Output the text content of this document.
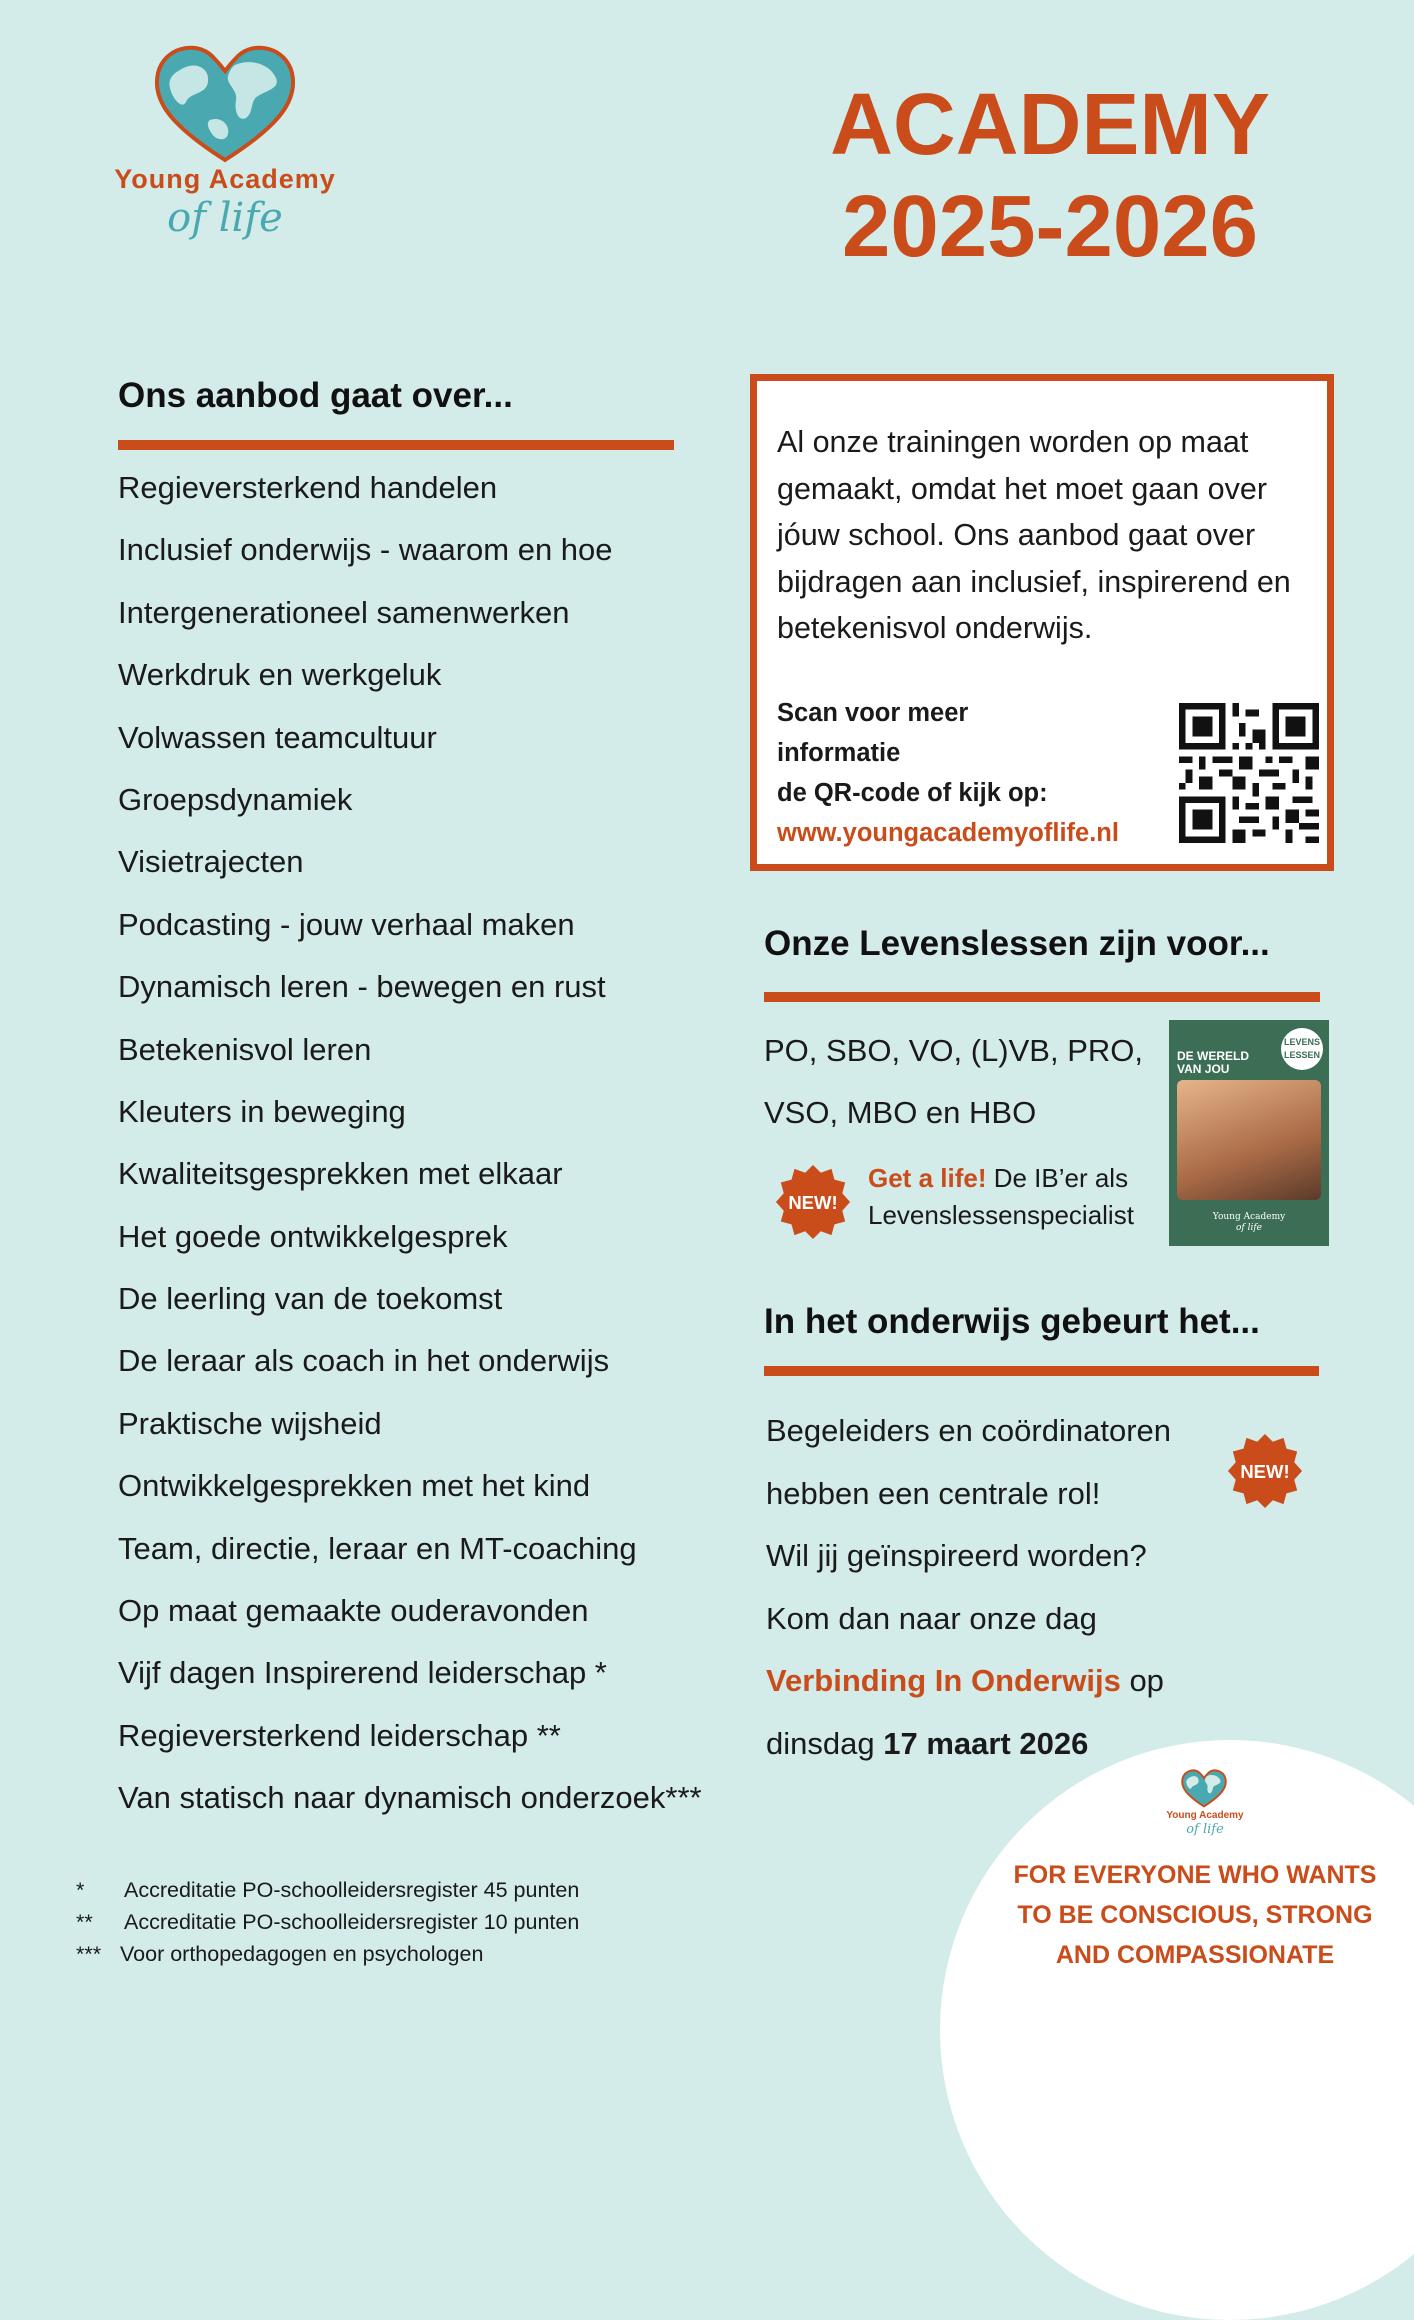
Young Academy
of life
ACADEMY
2025-2026
Ons aanbod gaat over...
Regieversterkend handelen
Inclusief onderwijs - waarom en hoe
Intergenerationeel samenwerken
Werkdruk en werkgeluk
Volwassen teamcultuur
Groepsdynamiek
Visietrajecten
Podcasting - jouw verhaal maken
Dynamisch leren - bewegen en rust
Betekenisvol leren
Kleuters in beweging
Kwaliteitsgesprekken met elkaar
Het goede ontwikkelgesprek
De leerling van de toekomst
De leraar als coach in het onderwijs
Praktische wijsheid
Ontwikkelgesprekken met het kind
Team, directie, leraar en MT-coaching
Op maat gemaakte ouderavonden
Vijf dagen Inspirerend leiderschap *
Regieversterkend leiderschap **
Van statisch naar dynamisch onderzoek***
Al onze trainingen worden op maat gemaakt, omdat het moet gaan over jóuw school. Ons aanbod gaat over bijdragen aan inclusief, inspirerend en betekenisvol onderwijs.
Scan voor meer
informatie
de QR-code of kijk op:
www.youngacademyoflife.nl
Onze Levenslessen zijn voor...
PO, SBO, VO, (L)VB, PRO,
VSO, MBO en HBO
NEW!
Get a life! De IB’er als
Levenslessenspecialist
LEVENS
LESSEN
DE WERELD
VAN JOU
Young Academy
of life
In het onderwijs gebeurt het...
Begeleiders en coördinatoren
hebben een centrale rol!
Wil jij geïnspireerd worden?
Kom dan naar onze dag
Verbinding In Onderwijs op
dinsdag 17 maart 2026
NEW!
* Accreditatie PO-schoolleidersregister 45 punten
** Accreditatie PO-schoolleidersregister 10 punten
*** Voor orthopedagogen en psychologen
Young Academy
of life
FOR EVERYONE WHO WANTS
TO BE CONSCIOUS, STRONG
AND COMPASSIONATE
